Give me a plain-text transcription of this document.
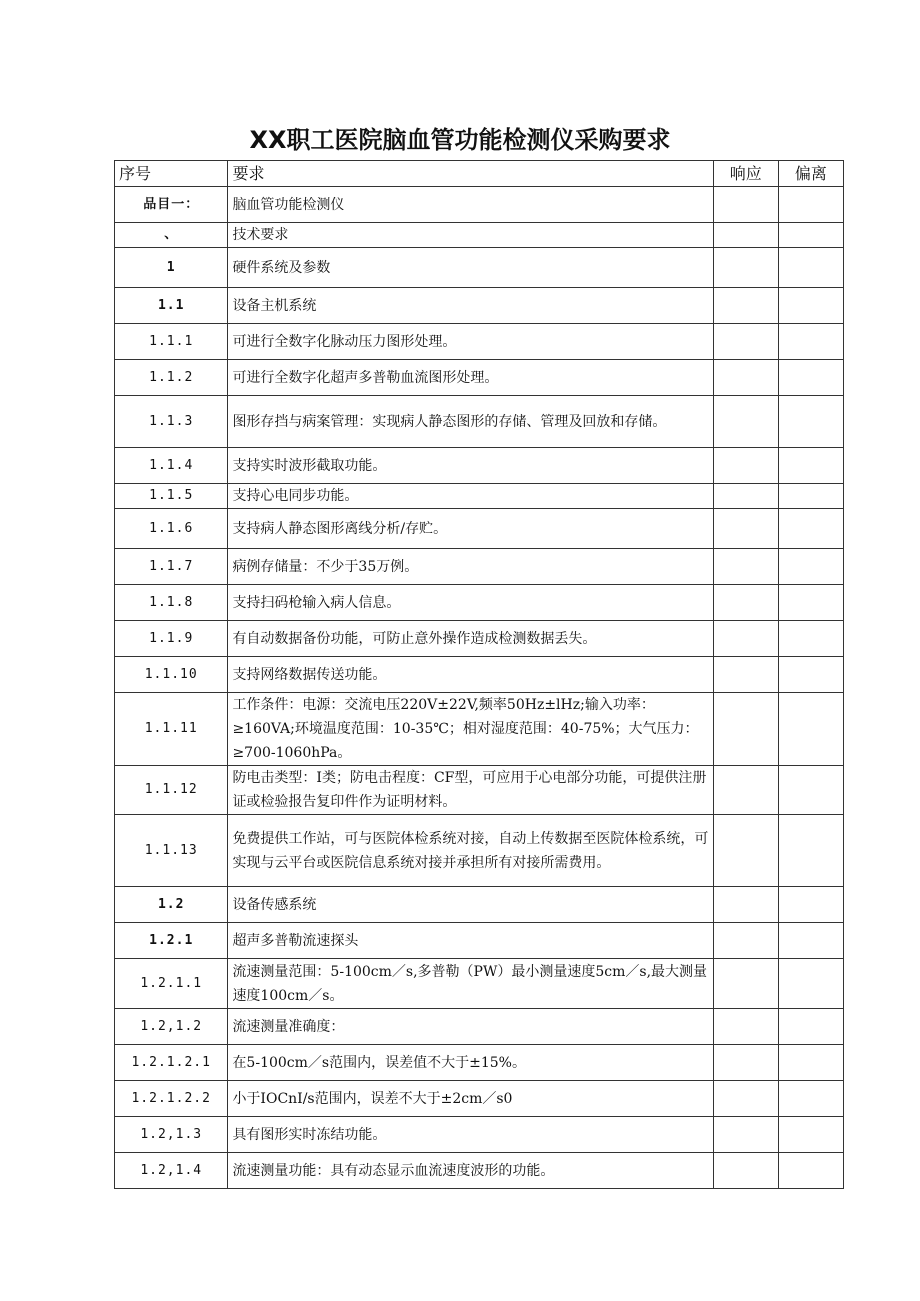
XX职工医院脑血管功能检测仪采购要求
序号	要求	响应	偏离
品目一：	脑血管功能检测仪		
、	技术要求		
1	硬件系统及参数		
1.1	设备主机系统		
1.1.1	可进行全数字化脉动压力图形处理。		
1.1.2	可进行全数字化超声多普勒血流图形处理。		
1.1.3	图形存挡与病案管理：实现病人静态图形的存储、管理及回放和存储。		
1.1.4	支持实时波形截取功能。		
1.1.5	支持心电同步功能。		
1.1.6	支持病人静态图形离线分析/存贮。		
1.1.7	病例存储量：不少于35万例。		
1.1.8	支持扫码枪输入病人信息。		
1.1.9	有自动数据备份功能，可防止意外操作造成检测数据丢失。		
1.1.10	支持网络数据传送功能。		
1.1.11	工作条件：电源：交流电压220V±22V,频率50Hz±lHz;输入功率：≥160VA;环境温度范围：10-35℃；相对湿度范围：40-75%；大气压力：≥700-1060hPa。		
1.1.12	防电击类型：I类；防电击程度：CF型，可应用于心电部分功能，可提供注册证或检验报告复印件作为证明材料。		
1.1.13	免费提供工作站，可与医院体检系统对接，自动上传数据至医院体检系统，可实现与云平台或医院信息系统对接并承担所有对接所需费用。		
1.2	设备传感系统		
1.2.1	超声多普勒流速探头		
1.2.1.1	流速测量范围：5-100cm／s,多普勒（PW）最小测量速度5cm／s,最大测量速度100cm／s。		
1.2,1.2	流速测量准确度：		
1.2.1.2.1	在5-100cm／s范围内，误差值不大于±15%。		
1.2.1.2.2	小于IOCnI/s范围内，误差不大于±2cm／s0		
1.2,1.3	具有图形实时冻结功能。		
1.2,1.4	流速测量功能：具有动态显示血流速度波形的功能。		
